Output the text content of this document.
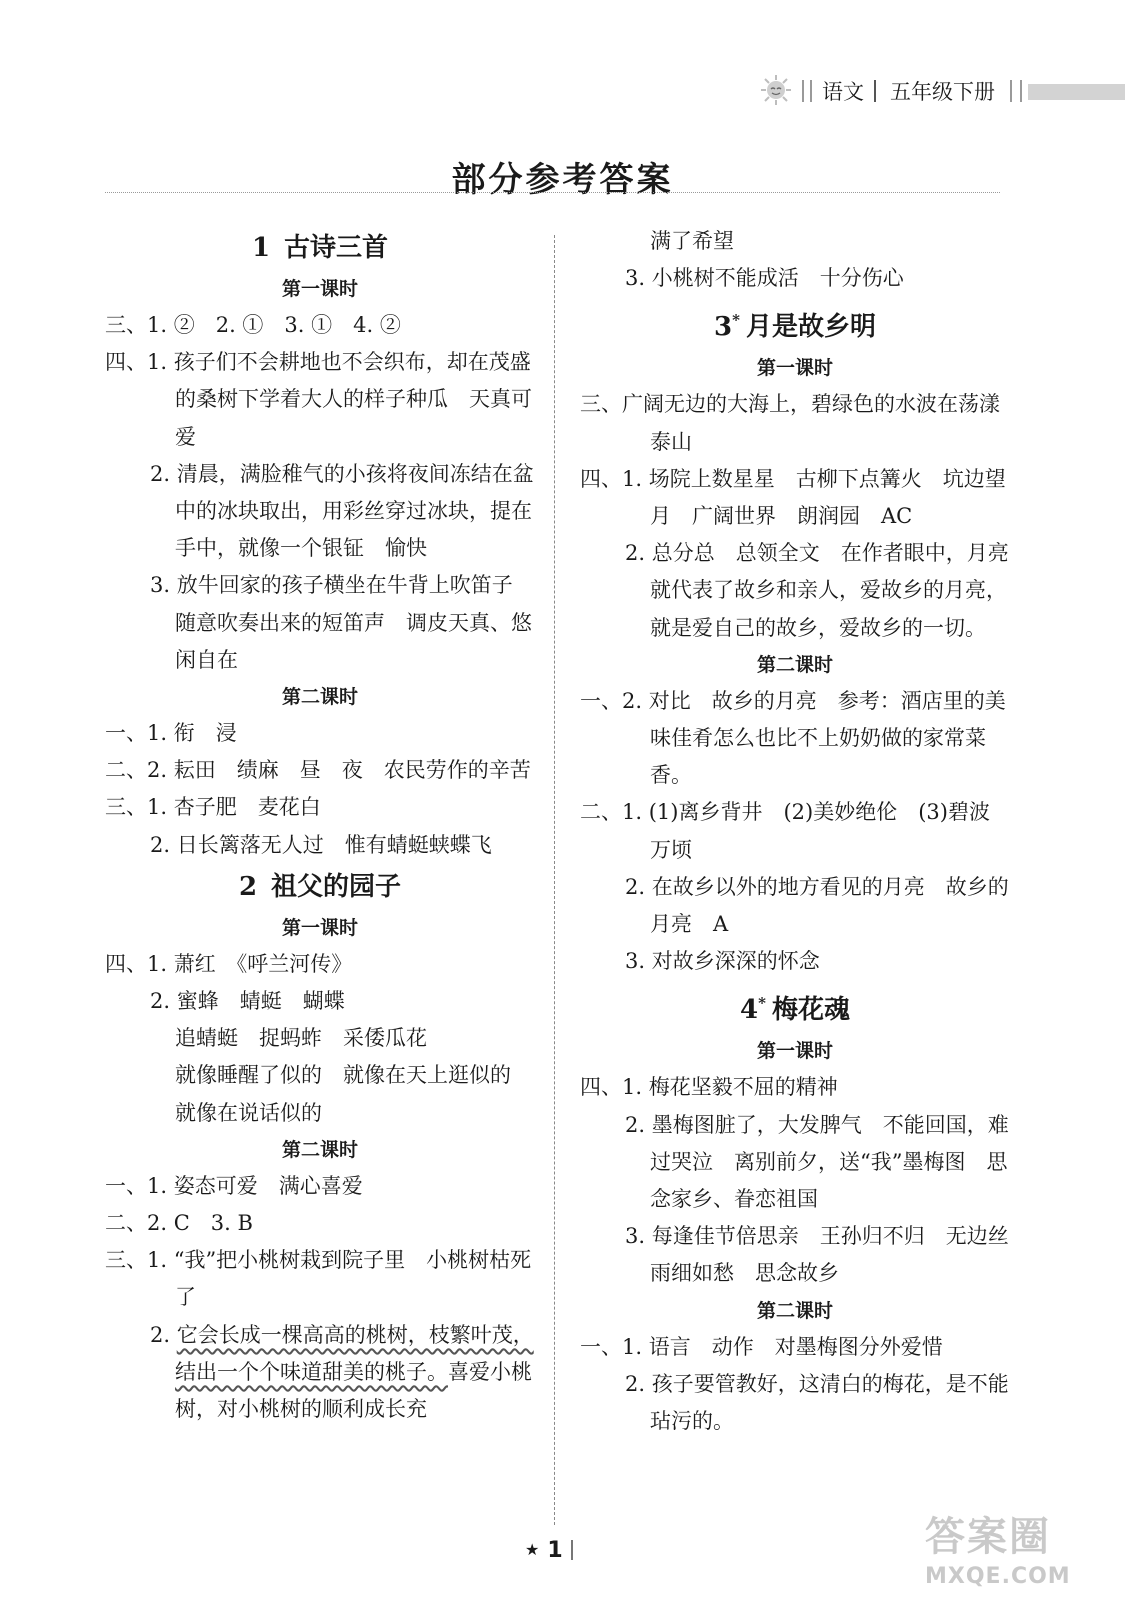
语文 五年级下册
部分参考答案
1 古诗三首
第一课时
三、1. ②　2. ①　3. ①　4. ②
四、1. 孩子们不会耕地也不会织布，却在茂盛的桑树下学着大人的样子种瓜　天真可爱
2. 清晨，满脸稚气的小孩将夜间冻结在盆中的冰块取出，用彩丝穿过冰块，提在手中，就像一个银钲　愉快
3. 放牛回家的孩子横坐在牛背上吹笛子　随意吹奏出来的短笛声　调皮天真、悠闲自在
第二课时
一、1. 衔　浸
二、2. 耘田　绩麻　昼　夜　农民劳作的辛苦
三、1. 杏子肥　麦花白
2. 日长篱落无人过　惟有蜻蜓蛱蝶飞
2 祖父的园子
第一课时
四、1. 萧红　《呼兰河传》
2. 蜜蜂　蜻蜓　蝴蝶
追蜻蜓　捉蚂蚱　采倭瓜花
就像睡醒了似的　就像在天上逛似的　就像在说话似的
第二课时
一、1. 姿态可爱　满心喜爱
二、2. C　3. B
三、1. “我”把小桃树栽到院子里　小桃树枯死了
2. 它会长成一棵高高的桃树，枝繁叶茂，结出一个个味道甜美的桃子。喜爱小桃树，对小桃树的顺利成长充
满了希望
3. 小桃树不能成活　十分伤心
3* 月是故乡明
第一课时
三、广阔无边的大海上，碧绿色的水波在荡漾　泰山
四、1. 场院上数星星　古柳下点篝火　坑边望月　广阔世界　朗润园　AC
2. 总分总　总领全文　在作者眼中，月亮就代表了故乡和亲人，爱故乡的月亮，就是爱自己的故乡，爱故乡的一切。
第二课时
一、2. 对比　故乡的月亮　参考：酒店里的美味佳肴怎么也比不上奶奶做的家常菜香。
二、1. (1)离乡背井　(2)美妙绝伦　(3)碧波万顷
2. 在故乡以外的地方看见的月亮　故乡的月亮　A
3. 对故乡深深的怀念
4* 梅花魂
第一课时
四、1. 梅花坚毅不屈的精神
2. 墨梅图脏了，大发脾气　不能回国，难过哭泣　离别前夕，送“我”墨梅图　思念家乡、眷恋祖国
3. 每逢佳节倍思亲　王孙归不归　无边丝雨细如愁　思念故乡
第二课时
一、1. 语言　动作　对墨梅图分外爱惜
2. 孩子要管教好，这清白的梅花，是不能玷污的。
★ 1	答案圈
MXQE.COM
